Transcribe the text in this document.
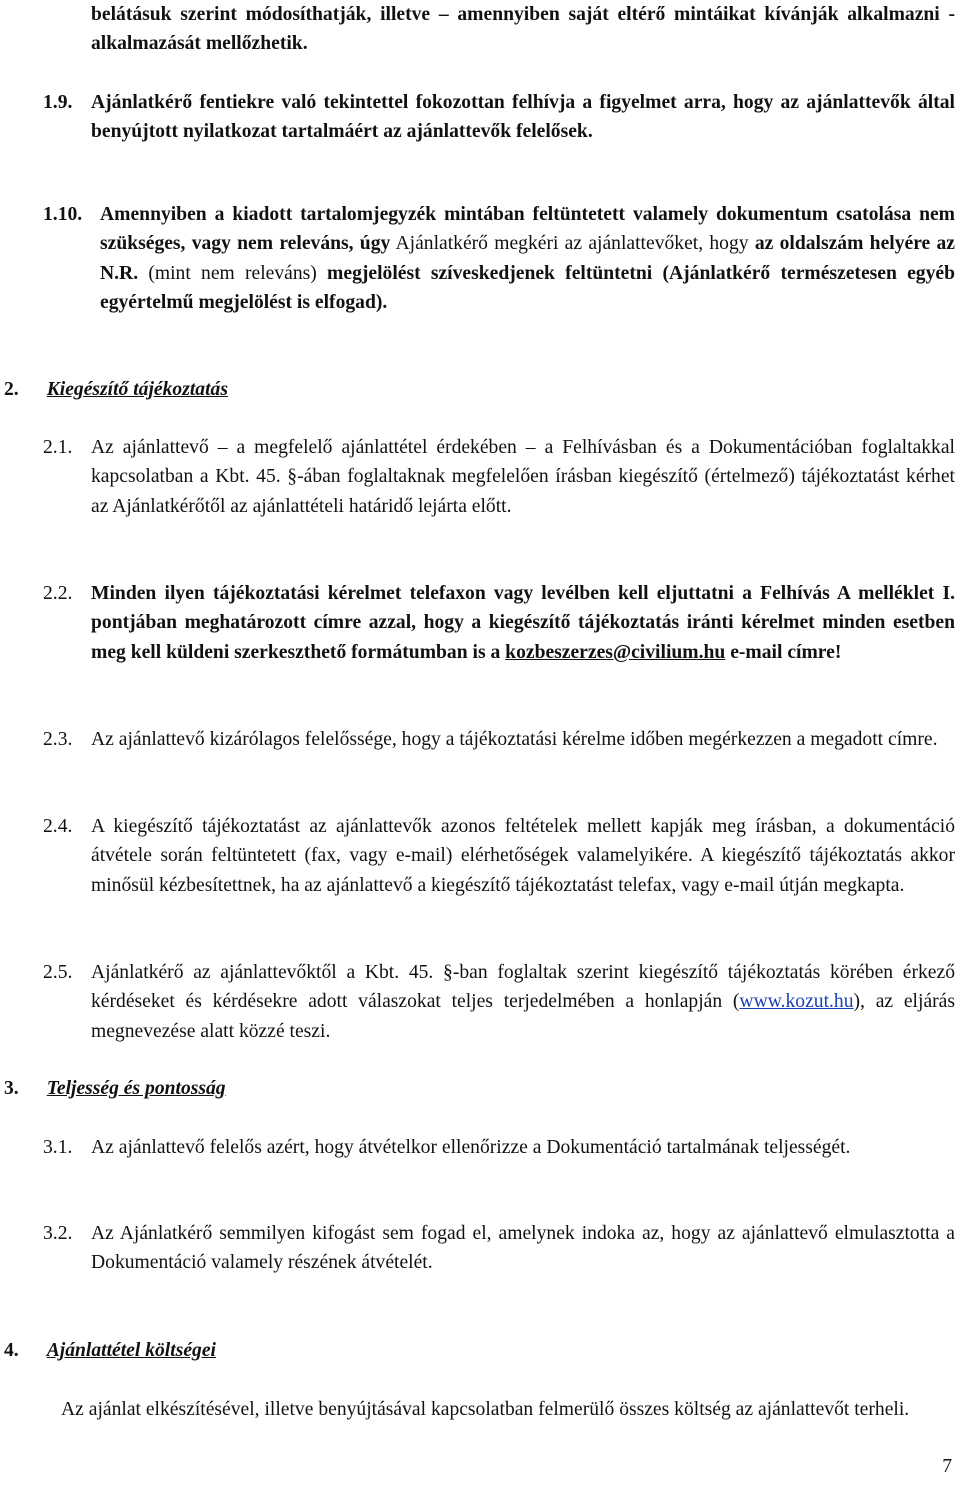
belátásuk szerint módosíthatják, illetve – amennyiben saját eltérő mintáikat kívánják alkalmazni - alkalmazását mellőzhetik.

1.9. Ajánlatkérő fentiekre való tekintettel fokozottan felhívja a figyelmet arra, hogy az ajánlattevők által benyújtott nyilatkozat tartalmáért az ajánlattevők felelősek.

1.10. Amennyiben a kiadott tartalomjegyzék mintában feltüntetett valamely dokumentum csatolása nem szükséges, vagy nem releváns, úgy Ajánlatkérő megkéri az ajánlattevőket, hogy az oldalszám helyére az N.R. (mint nem releváns) megjelölést szíveskedjenek feltüntetni (Ajánlatkérő természetesen egyéb egyértelmű megjelölést is elfogad).

2. Kiegészítő tájékoztatás

2.1. Az ajánlattevő – a megfelelő ajánlattétel érdekében – a Felhívásban és a Dokumentációban foglaltakkal kapcsolatban a Kbt. 45. §-ában foglaltaknak megfelelően írásban kiegészítő (értelmező) tájékoztatást kérhet az Ajánlatkérőtől az ajánlattételi határidő lejárta előtt.

2.2. Minden ilyen tájékoztatási kérelmet telefaxon vagy levélben kell eljuttatni a Felhívás A melléklet I. pontjában meghatározott címre azzal, hogy a kiegészítő tájékoztatás iránti kérelmet minden esetben meg kell küldeni szerkeszthető formátumban is a kozbeszerzes@civilium.hu e-mail címre!

2.3. Az ajánlattevő kizárólagos felelőssége, hogy a tájékoztatási kérelme időben megérkezzen a megadott címre.

2.4. A kiegészítő tájékoztatást az ajánlattevők azonos feltételek mellett kapják meg írásban, a dokumentáció átvétele során feltüntetett (fax, vagy e-mail) elérhetőségek valamelyikére. A kiegészítő tájékoztatás akkor minősül kézbesítettnek, ha az ajánlattevő a kiegészítő tájékoztatást telefax, vagy e-mail útján megkapta.

2.5. Ajánlatkérő az ajánlattevőktől a Kbt. 45. §-ban foglaltak szerint kiegészítő tájékoztatás körében érkező kérdéseket és kérdésekre adott válaszokat teljes terjedelmében a honlapján (www.kozut.hu), az eljárás megnevezése alatt közzé teszi.

3. Teljesség és pontosság

3.1. Az ajánlattevő felelős azért, hogy átvételkor ellenőrizze a Dokumentáció tartalmának teljességét.

3.2. Az Ajánlatkérő semmilyen kifogást sem fogad el, amelynek indoka az, hogy az ajánlattevő elmulasztotta a Dokumentáció valamely részének átvételét.

4. Ajánlattétel költségei

Az ajánlat elkészítésével, illetve benyújtásával kapcsolatban felmerülő összes költség az ajánlattevőt terheli.

7
